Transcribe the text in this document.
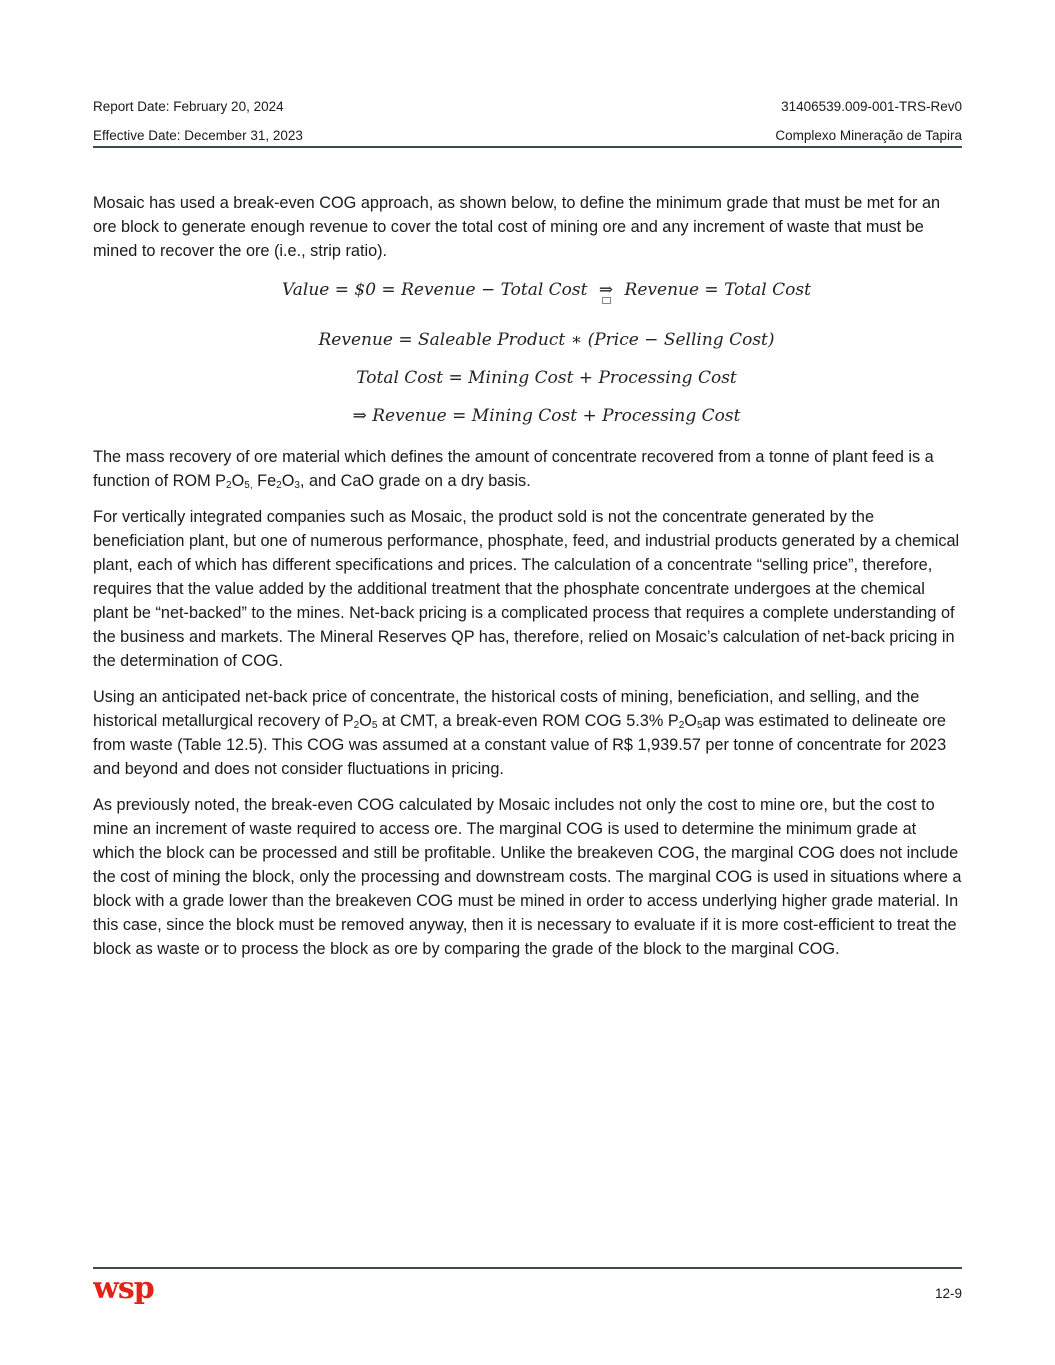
Report Date: February 20, 2024	31406539.009-001-TRS-Rev0
Effective Date: December 31, 2023	Complexo Mineração de Tapira

Mosaic has used a break-even COG approach, as shown below, to define the minimum grade that must be met for an ore block to generate enough revenue to cover the total cost of mining ore and any increment of waste that must be mined to recover the ore (i.e., strip ratio).

Value = $0 = Revenue − Total Cost ⇒ Revenue = Total Cost
Revenue = Saleable Product ∗ (Price − Selling Cost)
Total Cost = Mining Cost + Processing Cost
⇒ Revenue = Mining Cost + Processing Cost

The mass recovery of ore material which defines the amount of concentrate recovered from a tonne of plant feed is a function of ROM $P_2O_{5,}$ $Fe_2O_3$, and CaO grade on a dry basis.

For vertically integrated companies such as Mosaic, the product sold is not the concentrate generated by the beneficiation plant, but one of numerous performance, phosphate, feed, and industrial products generated by a chemical plant, each of which has different specifications and prices. The calculation of a concentrate “selling price”, therefore, requires that the value added by the additional treatment that the phosphate concentrate undergoes at the chemical plant be “net-backed” to the mines. Net-back pricing is a complicated process that requires a complete understanding of the business and markets. The Mineral Reserves QP has, therefore, relied on Mosaic’s calculation of net-back pricing in the determination of COG.

Using an anticipated net-back price of concentrate, the historical costs of mining, beneficiation, and selling, and the historical metallurgical recovery of $P_2O_5$ at CMT, a break-even ROM COG 5.3% $P_2O_5ap$ was estimated to delineate ore from waste (Table 12.5). This COG was assumed at a constant value of R$ 1,939.57 per tonne of concentrate for 2023 and beyond and does not consider fluctuations in pricing.

As previously noted, the break-even COG calculated by Mosaic includes not only the cost to mine ore, but the cost to mine an increment of waste required to access ore. The marginal COG is used to determine the minimum grade at which the block can be processed and still be profitable. Unlike the breakeven COG, the marginal COG does not include the cost of mining the block, only the processing and downstream costs. The marginal COG is used in situations where a block with a grade lower than the breakeven COG must be mined in order to access underlying higher grade material. In this case, since the block must be removed anyway, then it is necessary to evaluate if it is more cost-efficient to treat the block as waste or to process the block as ore by comparing the grade of the block to the marginal COG.

wsp	12-9
